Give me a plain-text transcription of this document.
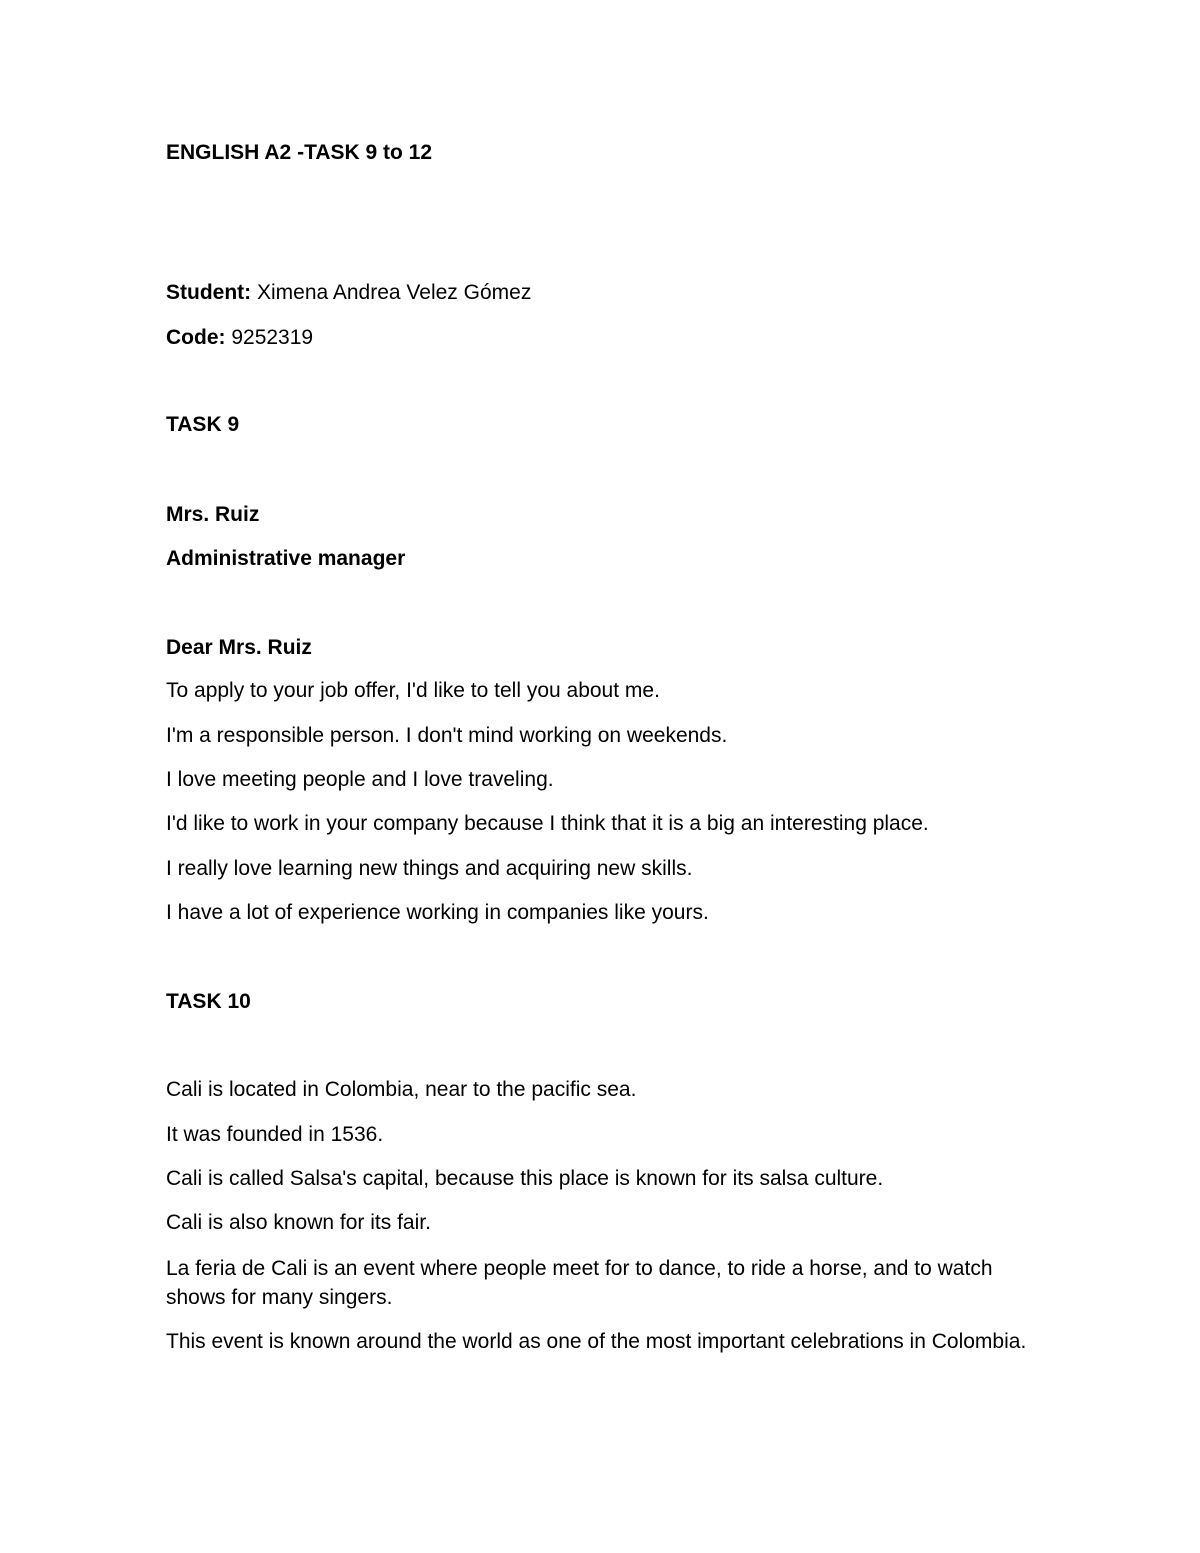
ENGLISH A2 -TASK 9 to 12
Student: Ximena Andrea Velez Gómez
Code: 9252319
TASK 9
Mrs. Ruiz
Administrative manager
Dear Mrs. Ruiz
To apply to your job offer, I'd like to tell you about me.
I'm a responsible person. I don't mind working on weekends.
I love meeting people and I love traveling.
I'd like to work in your company because I think that it is a big an interesting place.
I really love learning new things and acquiring new skills.
I have a lot of experience working in companies like yours.
TASK 10
Cali is located in Colombia, near to the pacific sea.
It was founded in 1536.
Cali is called Salsa's capital, because this place is known for its salsa culture.
Cali is also known for its fair.
La feria de Cali is an event where people meet for to dance, to ride a horse, and to watch shows for many singers.
This event is known around the world as one of the most important celebrations in Colombia.
